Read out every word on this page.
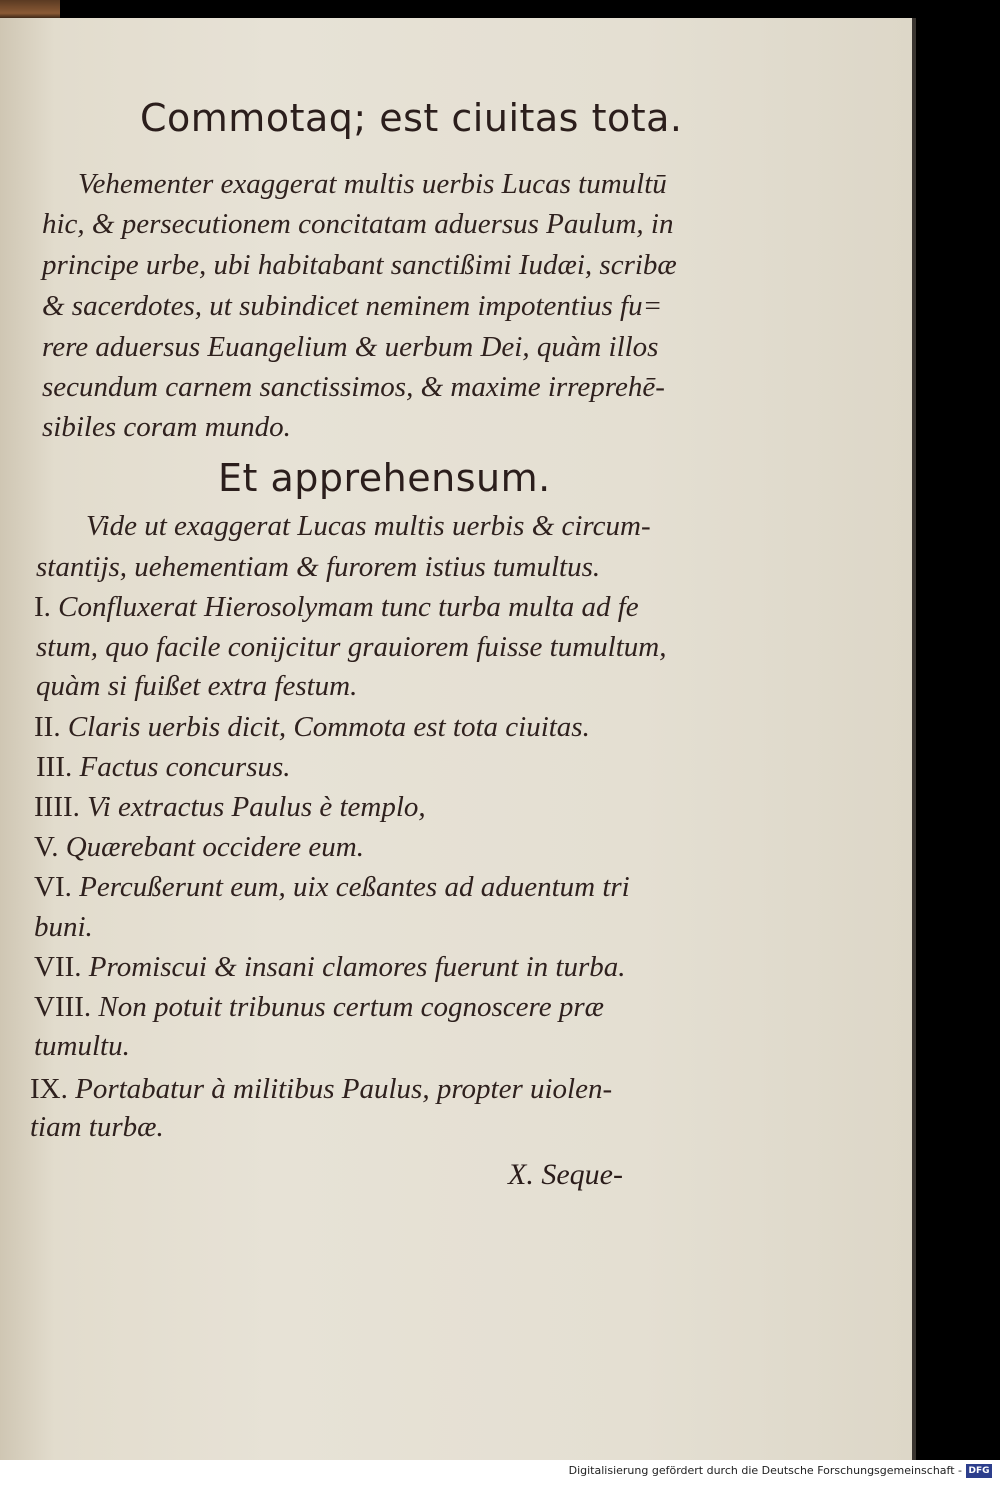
Commotaq; est ciuitas tota.
Vehementer exaggerat multis uerbis Lucas tumultū
hic, & persecutionem concitatam aduersus Paulum, in
principe urbe, ubi habitabant sanctißimi Iudæi, scribæ
& sacerdotes, ut subindicet neminem impotentius fu=
rere aduersus Euangelium & uerbum Dei, quàm illos
secundum carnem sanctissimos, & maxime irreprehē-
sibiles coram mundo.
Et apprehensum.
Vide ut exaggerat Lucas multis uerbis & circum-
stantijs, uehementiam & furorem istius tumultus.
I. Confluxerat Hierosolymam tunc turba multa ad fe
stum, quo facile conijcitur grauiorem fuisse tumultum,
quàm si fuißet extra festum.
II. Claris uerbis dicit, Commota est tota ciuitas.
III. Factus concursus.
IIII. Vi extractus Paulus è templo,
V. Quærebant occidere eum.
VI. Percußerunt eum, uix ceßantes ad aduentum tri
buni.
VII. Promiscui & insani clamores fuerunt in turba.
VIII. Non potuit tribunus certum cognoscere præ
tumultu.
IX. Portabatur à militibus Paulus, propter uiolen-
tiam turbæ.
X. Seque-
Digitalisierung gefördert durch die Deutsche Forschungsgemeinschaft - DFG
